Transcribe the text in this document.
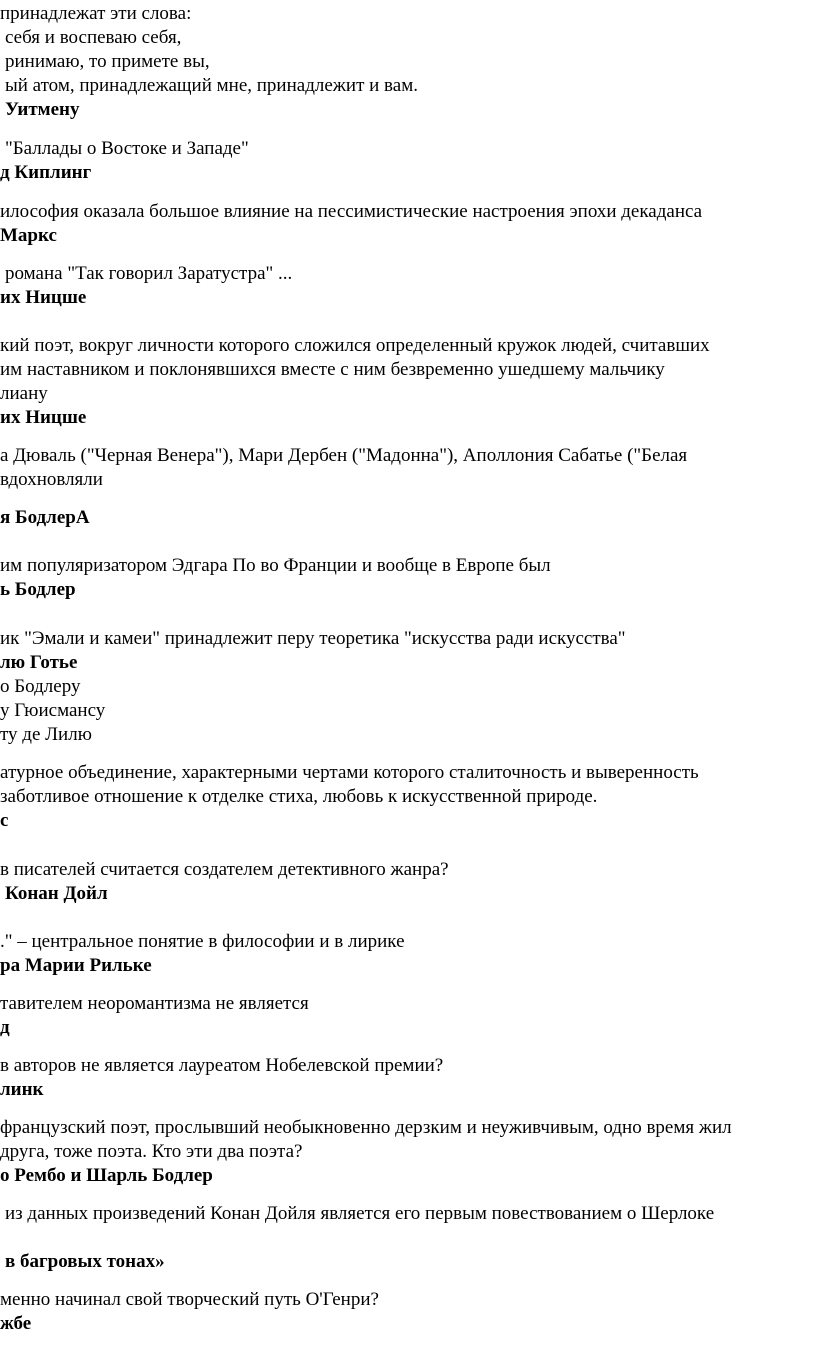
принадлежат эти слова:

себя и воспеваю себя,

ринимаю, то примете вы,

ый атом, принадлежащий мне, принадлежит и вам.

Уитмену

"Баллады о Востоке и Западе"

д Киплинг

илософия оказала большое влияние на пессимистические настроения эпохи декаданса

Маркс

романа "Так говорил Заратустра" ...

их Ницше

кий поэт, вокруг личности которого сложился определенный кружок людей, считавших

им наставником и поклонявшихся вместе с ним безвременно ушедшему мальчику

лиану

их Ницше

а Дюваль ("Черная Венера"), Мари Дербен ("Мадонна"), Аполлония Сабатье ("Белая

вдохновляли

я БодлерА

им популяризатором Эдгара По во Франции и вообще в Европе был

ь Бодлер

ик "Эмали и камеи" принадлежит перу теоретика "искусства ради искусства"

лю Готье

о Бодлеру

у Гюисмансу

ту де Лилю

атурное объединение, характерными чертами которого сталиточность и выверенность

заботливое отношение к отделке стиха, любовь к искусственной природе.

с

в писателей считается создателем детективного жанра?

Конан Дойл

." – центральное понятие в философии и в лирике

ра Марии Рильке

тавителем неоромантизма не является

д

в авторов не является лауреатом Нобелевской премии?

линк

французский поэт, прослывший необыкновенно дерзким и неуживчивым, одно время жил

друга, тоже поэта. Кто эти два поэта?

о Рембо и Шарль Бодлер

из данных произведений Конан Дойля является его первым повествованием о Шерлоке

в багровых тонах»

менно начинал свой творческий путь О'Генри?

жбе
